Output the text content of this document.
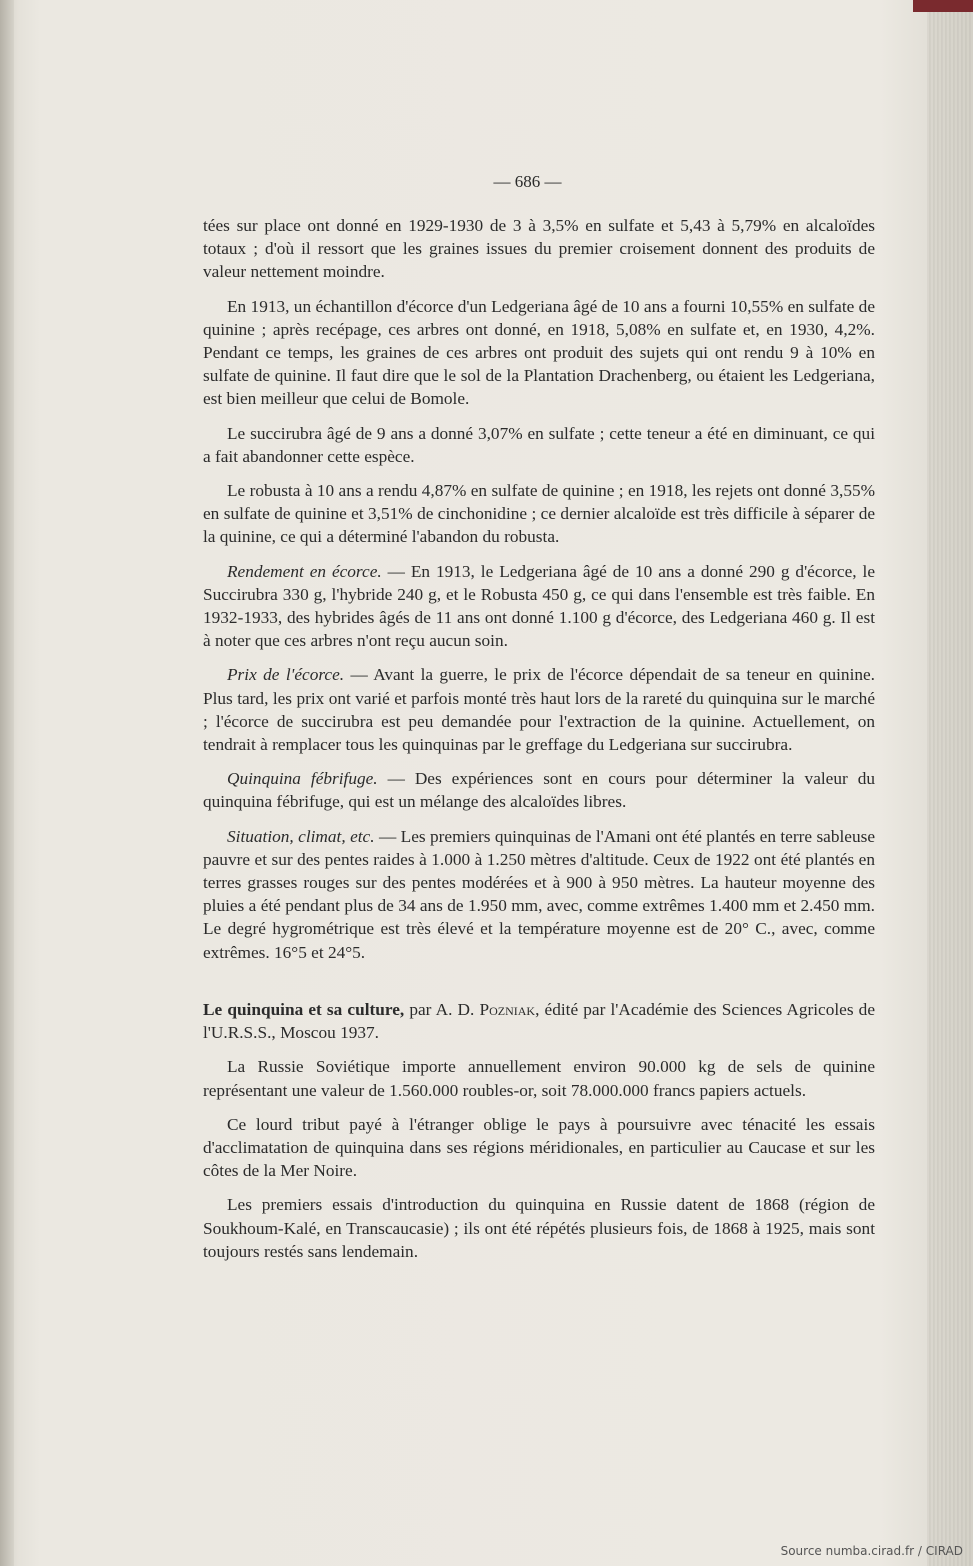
— 686 —

tées sur place ont donné en 1929-1930 de 3 à 3,5% en sulfate et 5,43 à 5,79% en alcaloïdes totaux ; d'où il ressort que les graines issues du premier croisement donnent des produits de valeur nettement moindre.

En 1913, un échantillon d'écorce d'un Ledgeriana âgé de 10 ans a fourni 10,55% en sulfate de quinine ; après recépage, ces arbres ont donné, en 1918, 5,08% en sulfate et, en 1930, 4,2%. Pendant ce temps, les graines de ces arbres ont produit des sujets qui ont rendu 9 à 10% en sulfate de quinine. Il faut dire que le sol de la Plantation Drachenberg, ou étaient les Ledgeriana, est bien meilleur que celui de Bomole.

Le succirubra âgé de 9 ans a donné 3,07% en sulfate ; cette teneur a été en diminuant, ce qui a fait abandonner cette espèce.

Le robusta à 10 ans a rendu 4,87% en sulfate de quinine ; en 1918, les rejets ont donné 3,55% en sulfate de quinine et 3,51% de cinchonidine ; ce dernier alcaloïde est très difficile à séparer de la quinine, ce qui a déterminé l'abandon du robusta.

Rendement en écorce. — En 1913, le Ledgeriana âgé de 10 ans a donné 290 g d'écorce, le Succirubra 330 g, l'hybride 240 g, et le Robusta 450 g, ce qui dans l'ensemble est très faible. En 1932-1933, des hybrides âgés de 11 ans ont donné 1.100 g d'écorce, des Ledgeriana 460 g. Il est à noter que ces arbres n'ont reçu aucun soin.

Prix de l'écorce. — Avant la guerre, le prix de l'écorce dépendait de sa teneur en quinine. Plus tard, les prix ont varié et parfois monté très haut lors de la rareté du quinquina sur le marché ; l'écorce de succirubra est peu demandée pour l'extraction de la quinine. Actuellement, on tendrait à remplacer tous les quinquinas par le greffage du Ledgeriana sur succirubra.

Quinquina fébrifuge. — Des expériences sont en cours pour déterminer la valeur du quinquina fébrifuge, qui est un mélange des alcaloïdes libres.

Situation, climat, etc. — Les premiers quinquinas de l'Amani ont été plantés en terre sableuse pauvre et sur des pentes raides à 1.000 à 1.250 mètres d'altitude. Ceux de 1922 ont été plantés en terres grasses rouges sur des pentes modérées et à 900 à 950 mètres. La hauteur moyenne des pluies a été pendant plus de 34 ans de 1.950 mm, avec, comme extrêmes 1.400 mm et 2.450 mm. Le degré hygrométrique est très élevé et la température moyenne est de 20° C., avec, comme extrêmes. 16°5 et 24°5.

Le quinquina et sa culture, par A. D. Pozniak, édité par l'Académie des Sciences Agricoles de l'U.R.S.S., Moscou 1937.

La Russie Soviétique importe annuellement environ 90.000 kg de sels de quinine représentant une valeur de 1.560.000 roubles-or, soit 78.000.000 francs papiers actuels.

Ce lourd tribut payé à l'étranger oblige le pays à poursuivre avec ténacité les essais d'acclimatation de quinquina dans ses régions méridionales, en particulier au Caucase et sur les côtes de la Mer Noire.

Les premiers essais d'introduction du quinquina en Russie datent de 1868 (région de Soukhoum-Kalé, en Transcaucasie) ; ils ont été répétés plusieurs fois, de 1868 à 1925, mais sont toujours restés sans lendemain.

Source numba.cirad.fr / CIRAD
